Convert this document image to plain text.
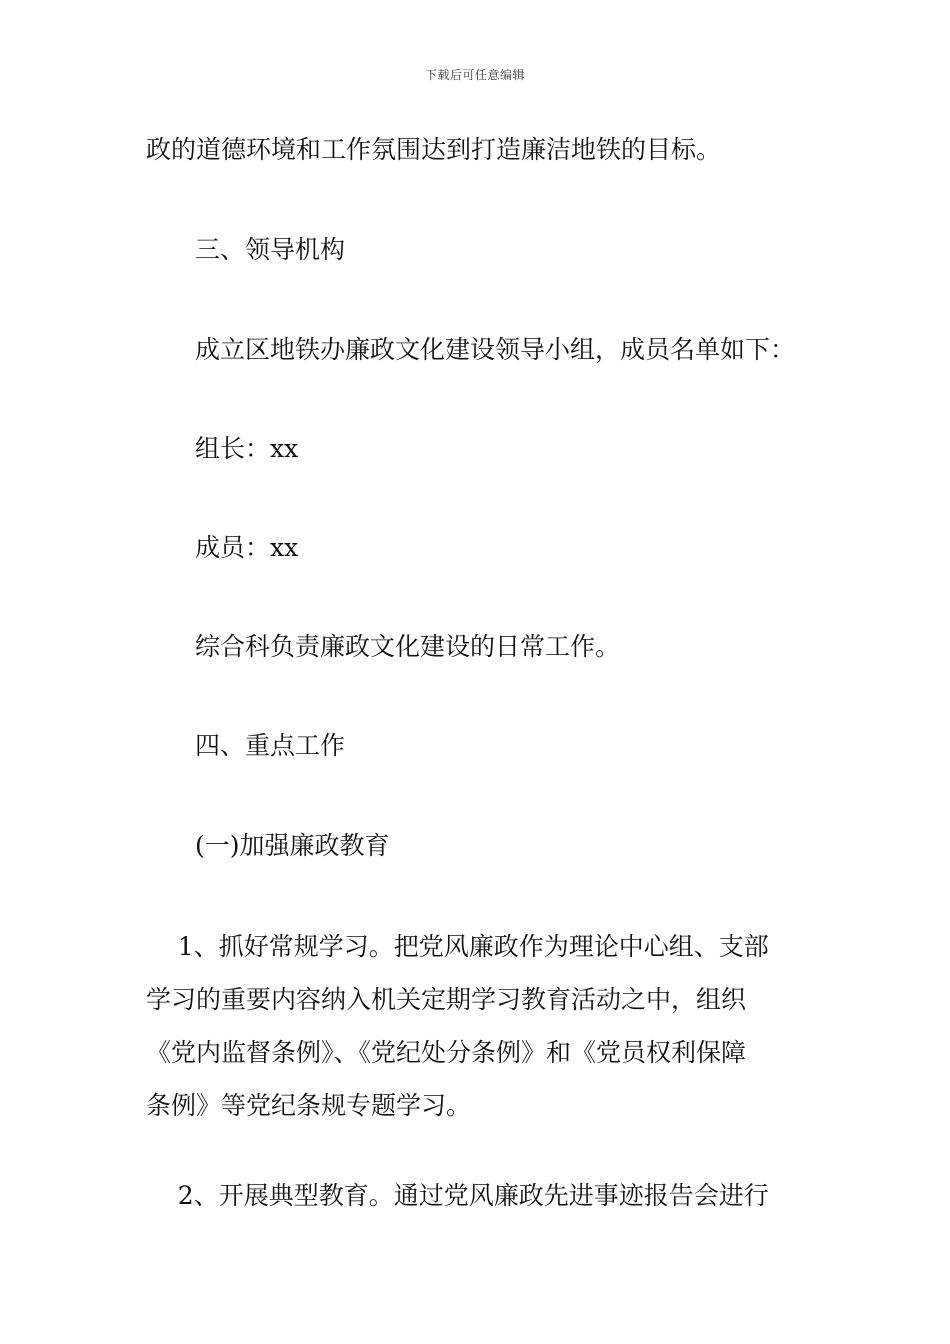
下载后可任意编辑
政的道德环境和工作氛围达到打造廉洁地铁的目标。
三、领导机构
成立区地铁办廉政文化建设领导小组，成员名单如下：
组长：xx
成员：xx
综合科负责廉政文化建设的日常工作。
四、重点工作
(一)加强廉政教育
1、抓好常规学习。把党风廉政作为理论中心组、支部
学习的重要内容纳入机关定期学习教育活动之中，组织
《党内监督条例》、《党纪处分条例》和《党员权利保障
条例》等党纪条规专题学习。
2、开展典型教育。通过党风廉政先进事迹报告会进行
